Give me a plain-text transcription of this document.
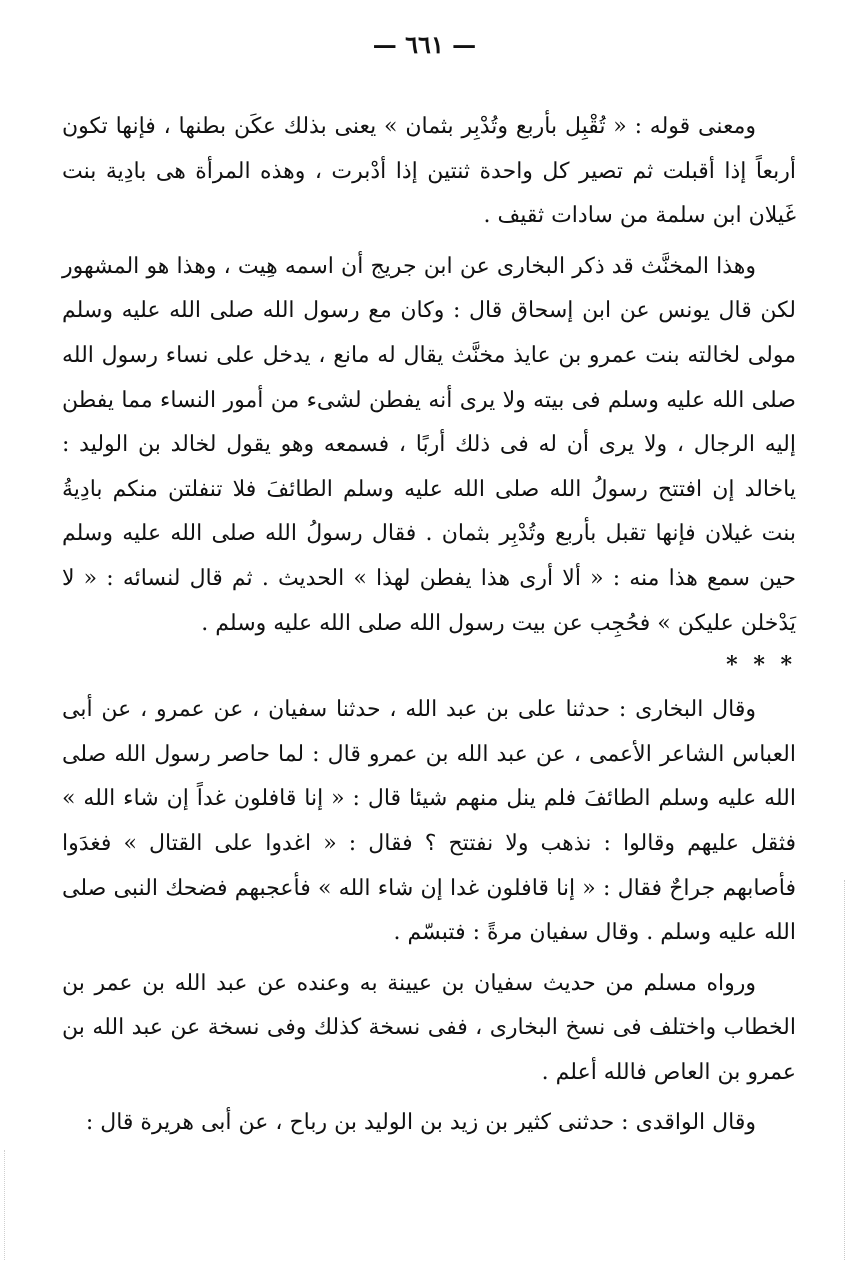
— ٦٦١ —

ومعنى قوله : « تُقْبِل بأربع وتُدْبِر بثمان » يعنى بذلك عكَن بطنها ، فإنها تكون أربعاً إذا أقبلت ثم تصير كل واحدة ثنتين إذا أدْبرت ، وهذه المرأة هى بادِية بنت غَيلان ابن سلمة من سادات ثقيف .

وهذا المخنَّث قد ذكر البخارى عن ابن جريج أن اسمه هِيت ، وهذا هو المشهور لكن قال يونس عن ابن إسحاق قال : وكان مع رسول الله صلى الله عليه وسلم مولى لخالته بنت عمرو بن عايذ مخنَّث يقال له مانع ، يدخل على نساء رسول الله صلى الله عليه وسلم فى بيته ولا يرى أنه يفطن لشىء من أمور النساء مما يفطن إليه الرجال ، ولا يرى أن له فى ذلك أربًا ، فسمعه وهو يقول لخالد بن الوليد : ياخالد إن افتتح رسولُ الله صلى الله عليه وسلم الطائفَ فلا تنفلتن منكم بادِيةُ بنت غيلان فإنها تقبل بأربع وتُدْبِر بثمان . فقال رسولُ الله صلى الله عليه وسلم حين سمع هذا منه : « ألا أرى هذا يفطن لهذا » الحديث . ثم قال لنسائه : « لا يَدْخلن عليكن » فحُجِب عن بيت رسول الله صلى الله عليه وسلم .

* * *

وقال البخارى : حدثنا على بن عبد الله ، حدثنا سفيان ، عن عمرو ، عن أبى العباس الشاعر الأعمى ، عن عبد الله بن عمرو قال : لما حاصر رسول الله صلى الله عليه وسلم الطائفَ فلم ينل منهم شيئا قال : « إنا قافلون غداً إن شاء الله » فثقل عليهم وقالوا : نذهب ولا نفتتح ؟ فقال : « اغدوا على القتال » فغدَوا فأصابهم جراحٌ فقال : « إنا قافلون غدا إن شاء الله » فأعجبهم فضحك النبى صلى الله عليه وسلم . وقال سفيان مرةً : فتبسّم .

ورواه مسلم من حديث سفيان بن عيينة به وعنده عن عبد الله بن عمر بن الخطاب واختلف فى نسخ البخارى ، ففى نسخة كذلك وفى نسخة عن عبد الله بن عمرو بن العاص فالله أعلم .

وقال الواقدى : حدثنى كثير بن زيد بن الوليد بن رباح ، عن أبى هريرة قال :
